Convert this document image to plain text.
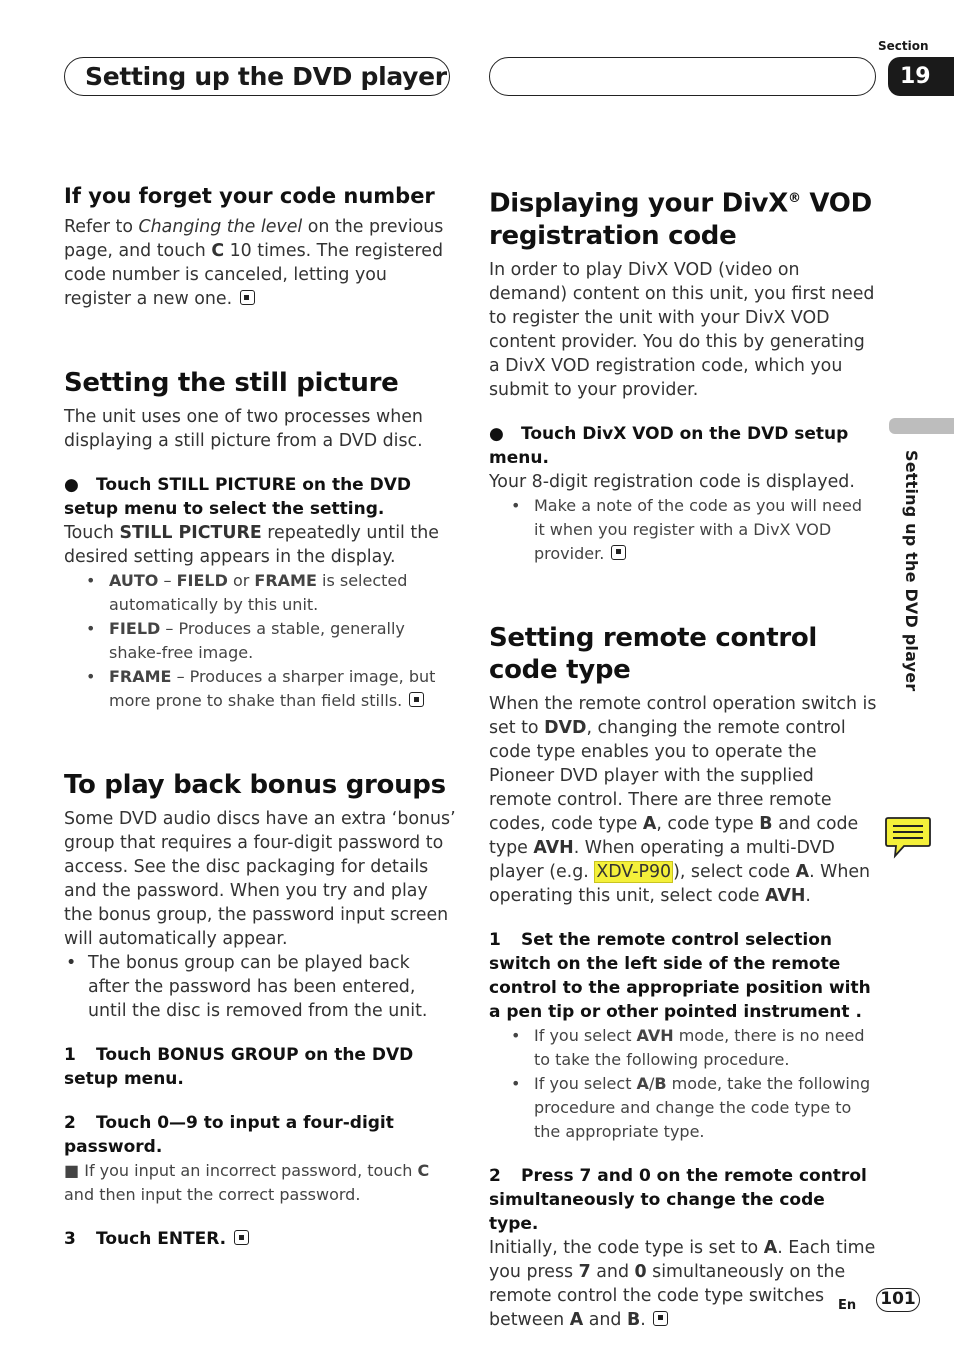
Setting up the DVD player
Section
19
Setting up the DVD player
If you forget your code number

Refer to Changing the level on the previous page, and touch C 10 times. The registered code number is canceled, letting you register a new one.

Setting the still picture

The unit uses one of two processes when displaying a still picture from a DVD disc.

● Touch STILL PICTURE on the DVD setup menu to select the setting.

Touch STILL PICTURE repeatedly until the desired setting appears in the display.

• AUTO – FIELD or FRAME is selected automatically by this unit.

• FIELD – Produces a stable, generally shake-free image.

• FRAME – Produces a sharper image, but more prone to shake than field stills.

To play back bonus groups

Some DVD audio discs have an extra ‘bonus’ group that requires a four-digit password to access. See the disc packaging for details and the password. When you try and play the bonus group, the password input screen will automatically appear.

• The bonus group can be played back after the password has been entered, until the disc is removed from the unit.

1 Touch BONUS GROUP on the DVD setup menu.

2 Touch 0—9 to input a four-digit password.

■ If you input an incorrect password, touch C and then input the correct password.

3 Touch ENTER.

Displaying your DivX® VOD registration code

In order to play DivX VOD (video on demand) content on this unit, you first need to register the unit with your DivX VOD content provider. You do this by generating a DivX VOD registration code, which you submit to your provider.

● Touch DivX VOD on the DVD setup menu.

Your 8-digit registration code is displayed.

• Make a note of the code as you will need it when you register with a DivX VOD provider.

Setting remote control code type

When the remote control operation switch is set to DVD, changing the remote control code type enables you to operate the Pioneer DVD player with the supplied remote control. There are three remote codes, code type A, code type B and code type AVH. When operating a multi-DVD player (e.g. XDV-P90 ), select code A. When operating this unit, select code AVH.

1 Set the remote control selection switch on the left side of the remote control to the appropriate position with a pen tip or other pointed instrument .

• If you select AVH mode, there is no need to take the following procedure.

• If you select A/B mode, take the following procedure and change the code type to the appropriate type.

2 Press 7 and 0 on the remote control simultaneously to change the code type.

Initially, the code type is set to A. Each time you press 7 and 0 simultaneously on the remote control the code type switches between A and B.

En 101
